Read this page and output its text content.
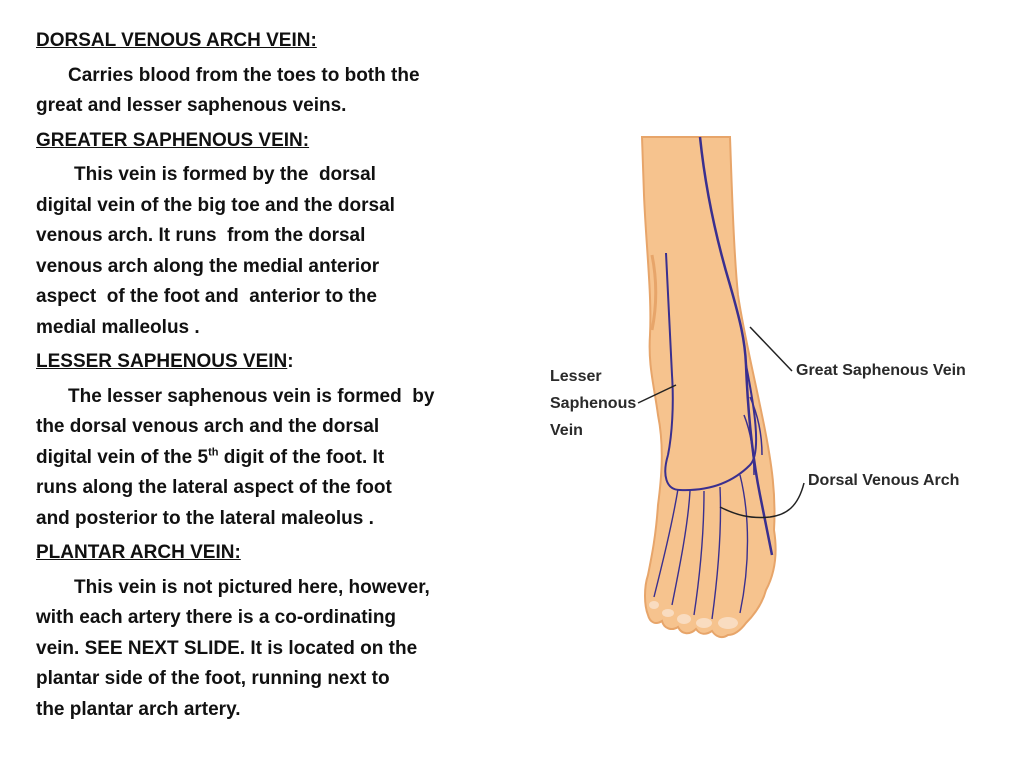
DORSAL VENOUS ARCH VEIN:

Carries blood from the toes to both the
great and lesser saphenous veins.

GREATER SAPHENOUS VEIN:

This vein is formed by the  dorsal
digital vein of the big toe and the dorsal
venous arch. It runs  from the dorsal
venous arch along the medial anterior
aspect  of the foot and  anterior to the
medial malleolus .

LESSER SAPHENOUS VEIN:

The lesser saphenous vein is formed  by
the dorsal venous arch and the dorsal
digital vein of the 5th digit of the foot. It
runs along the lateral aspect of the foot
and posterior to the lateral maleolus .

PLANTAR ARCH VEIN:

This vein is not pictured here, however,
with each artery there is a co-ordinating
vein. SEE NEXT SLIDE. It is located on the
plantar side of the foot, running next to
the plantar arch artery.
Lesser
Saphenous
Vein
Great Saphenous Vein
Dorsal Venous Arch
